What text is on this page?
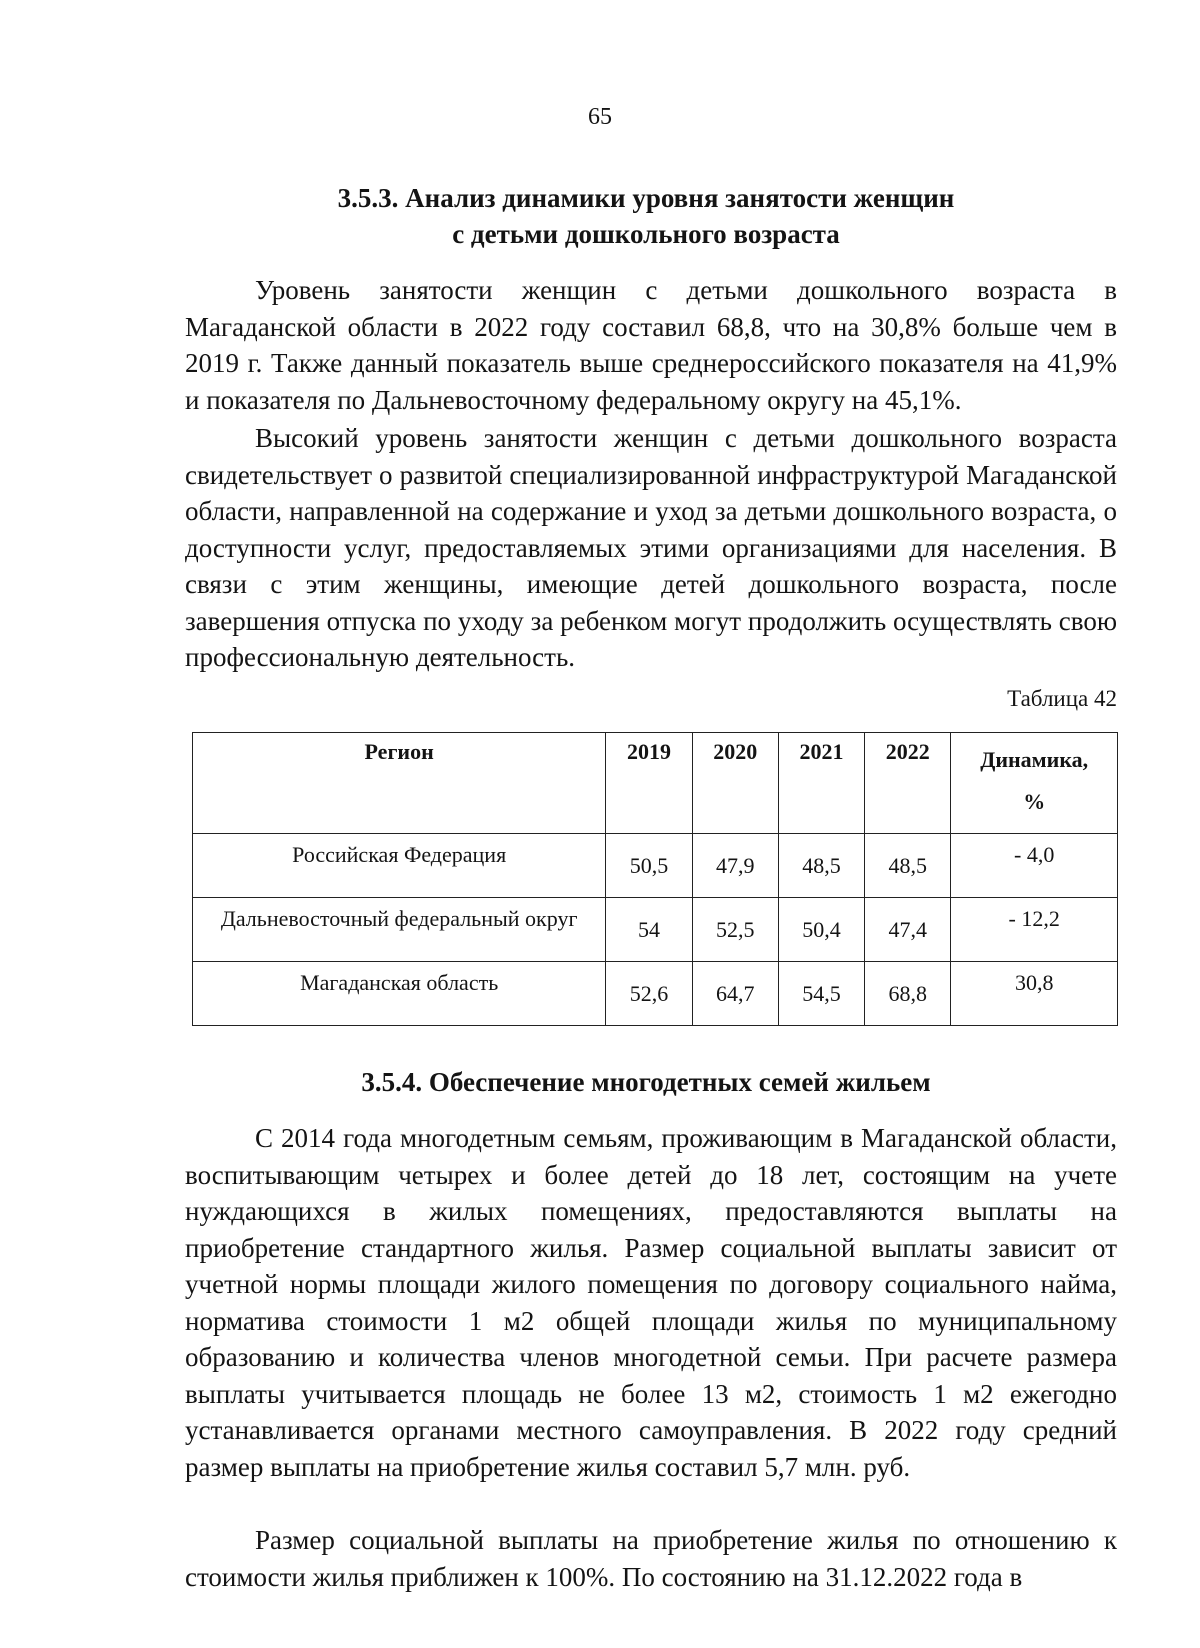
65
3.5.3. Анализ динамики уровня занятости женщин
с детьми дошкольного возраста

Уровень занятости женщин с детьми дошкольного возраста в Магаданской области в 2022 году составил 68,8, что на 30,8% больше чем в 2019 г. Также данный показатель выше среднероссийского показателя на 41,9% и показателя по Дальневосточному федеральному округу на 45,1%.

Высокий уровень занятости женщин с детьми дошкольного возраста свидетельствует о развитой специализированной инфраструктурой Магаданской области, направленной на содержание и уход за детьми дошкольного возраста, о доступности услуг, предоставляемых этими организациями для населения. В связи с этим женщины, имеющие детей дошкольного возраста, после завершения отпуска по уходу за ребенком могут продолжить осуществлять свою профессиональную деятельность.

Таблица 42
Регион	2019	2020	2021	2022	Динамика,
%

Российская Федерация	50,5	47,9	48,5	48,5	- 4,0
Дальневосточный федеральный округ	54	52,5	50,4	47,4	- 12,2
Магаданская область	52,6	64,7	54,5	68,8	30,8
3.5.4. Обеспечение многодетных семей жильем

С 2014 года многодетным семьям, проживающим в Магаданской области, воспитывающим четырех и более детей до 18 лет, состоящим на учете нуждающихся в жилых помещениях, предоставляются выплаты на приобретение стандартного жилья. Размер социальной выплаты зависит от учетной нормы площади жилого помещения по договору социального найма, норматива стоимости 1 м2 общей площади жилья по муниципальному образованию и количества членов многодетной семьи. При расчете размера выплаты учитывается площадь не более 13 м2, стоимость 1 м2 ежегодно устанавливается органами местного самоуправления. В 2022 году средний размер выплаты на приобретение жилья составил 5,7 млн. руб.

Размер социальной выплаты на приобретение жилья по отношению к стоимости жилья приближен к 100%. По состоянию на 31.12.2022 года в
